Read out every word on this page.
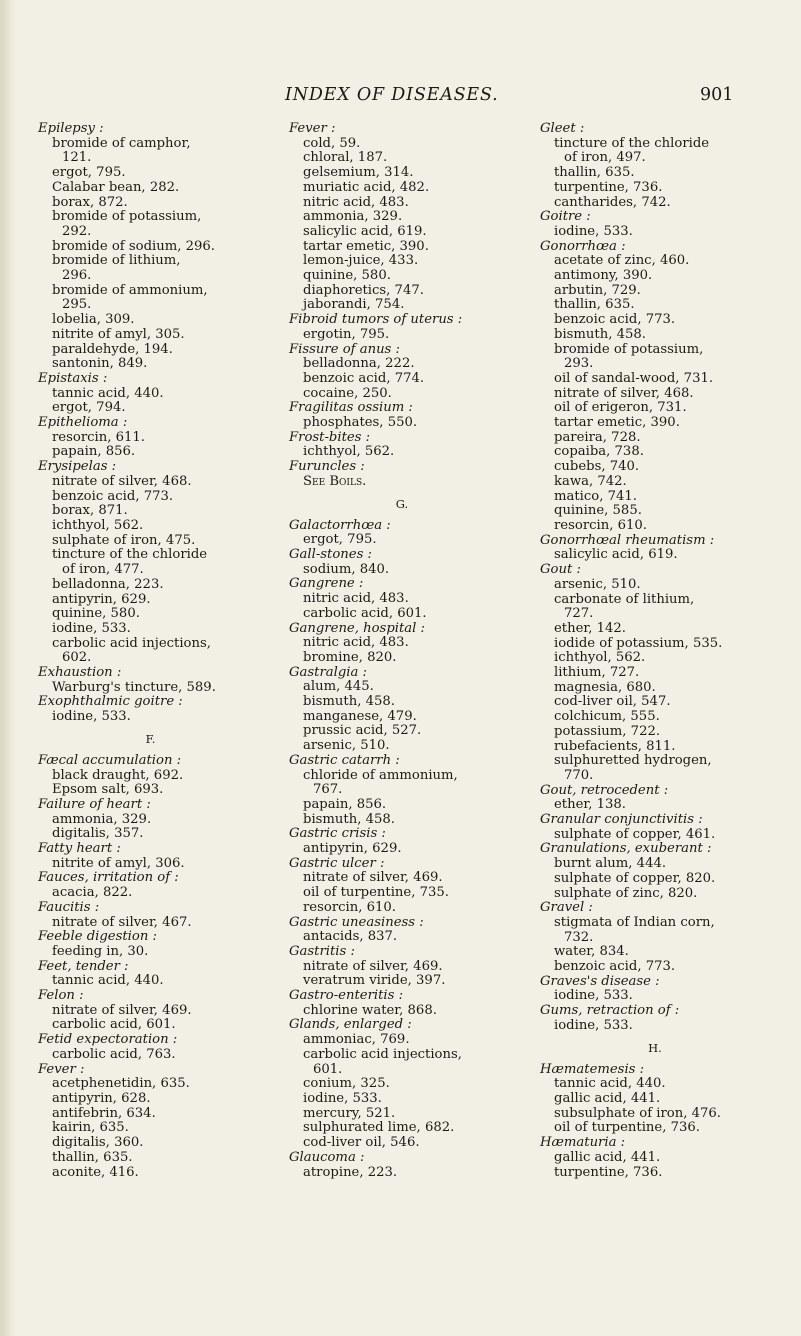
INDEX OF DISEASES.	901
Epilepsy :
bromide of camphor,
121.
ergot, 795.
Calabar bean, 282.
borax, 872.
bromide of potassium,
292.
bromide of sodium, 296.
bromide of lithium,
296.
bromide of ammonium,
295.
lobelia, 309.
nitrite of amyl, 305.
paraldehyde, 194.
santonin, 849.
Epistaxis :
tannic acid, 440.
ergot, 794.
Epithelioma :
resorcin, 611.
papain, 856.
Erysipelas :
nitrate of silver, 468.
benzoic acid, 773.
borax, 871.
ichthyol, 562.
sulphate of iron, 475.
tincture of the chloride
of iron, 477.
belladonna, 223.
antipyrin, 629.
quinine, 580.
iodine, 533.
carbolic acid injections,
602.
Exhaustion :
Warburg's tincture, 589.
Exophthalmic goitre :
iodine, 533.
F.
Fæcal accumulation :
black draught, 692.
Epsom salt, 693.
Failure of heart :
ammonia, 329.
digitalis, 357.
Fatty heart :
nitrite of amyl, 306.
Fauces, irritation of :
acacia, 822.
Faucitis :
nitrate of silver, 467.
Feeble digestion :
feeding in, 30.
Feet, tender :
tannic acid, 440.
Felon :
nitrate of silver, 469.
carbolic acid, 601.
Fetid expectoration :
carbolic acid, 763.
Fever :
acetphenetidin, 635.
antipyrin, 628.
antifebrin, 634.
kairin, 635.
digitalis, 360.
thallin, 635.
aconite, 416.
Fever :
cold, 59.
chloral, 187.
gelsemium, 314.
muriatic acid, 482.
nitric acid, 483.
ammonia, 329.
salicylic acid, 619.
tartar emetic, 390.
lemon-juice, 433.
quinine, 580.
diaphoretics, 747.
jaborandi, 754.
Fibroid tumors of uterus :
ergotin, 795.
Fissure of anus :
belladonna, 222.
benzoic acid, 774.
cocaine, 250.
Fragilitas ossium :
phosphates, 550.
Frost-bites :
ichthyol, 562.
Furuncles :
See Boils.
G.
Galactorrhœa :
ergot, 795.
Gall-stones :
sodium, 840.
Gangrene :
nitric acid, 483.
carbolic acid, 601.
Gangrene, hospital :
nitric acid, 483.
bromine, 820.
Gastralgia :
alum, 445.
bismuth, 458.
manganese, 479.
prussic acid, 527.
arsenic, 510.
Gastric catarrh :
chloride of ammonium,
767.
papain, 856.
bismuth, 458.
Gastric crisis :
antipyrin, 629.
Gastric ulcer :
nitrate of silver, 469.
oil of turpentine, 735.
resorcin, 610.
Gastric uneasiness :
antacids, 837.
Gastritis :
nitrate of silver, 469.
veratrum viride, 397.
Gastro-enteritis :
chlorine water, 868.
Glands, enlarged :
ammoniac, 769.
carbolic acid injections,
601.
conium, 325.
iodine, 533.
mercury, 521.
sulphurated lime, 682.
cod-liver oil, 546.
Glaucoma :
atropine, 223.
Gleet :
tincture of the chloride
of iron, 497.
thallin, 635.
turpentine, 736.
cantharides, 742.
Goitre :
iodine, 533.
Gonorrhœa :
acetate of zinc, 460.
antimony, 390.
arbutin, 729.
thallin, 635.
benzoic acid, 773.
bismuth, 458.
bromide of potassium,
293.
oil of sandal-wood, 731.
nitrate of silver, 468.
oil of erigeron, 731.
tartar emetic, 390.
pareira, 728.
copaiba, 738.
cubebs, 740.
kawa, 742.
matico, 741.
quinine, 585.
resorcin, 610.
Gonorrhœal rheumatism :
salicylic acid, 619.
Gout :
arsenic, 510.
carbonate of lithium,
727.
ether, 142.
iodide of potassium, 535.
ichthyol, 562.
lithium, 727.
magnesia, 680.
cod-liver oil, 547.
colchicum, 555.
potassium, 722.
rubefacients, 811.
sulphuretted hydrogen,
770.
Gout, retrocedent :
ether, 138.
Granular conjunctivitis :
sulphate of copper, 461.
Granulations, exuberant :
burnt alum, 444.
sulphate of copper, 820.
sulphate of zinc, 820.
Gravel :
stigmata of Indian corn,
732.
water, 834.
benzoic acid, 773.
Graves's disease :
iodine, 533.
Gums, retraction of :
iodine, 533.
H.
Hæmatemesis :
tannic acid, 440.
gallic acid, 441.
subsulphate of iron, 476.
oil of turpentine, 736.
Hæmaturia :
gallic acid, 441.
turpentine, 736.
